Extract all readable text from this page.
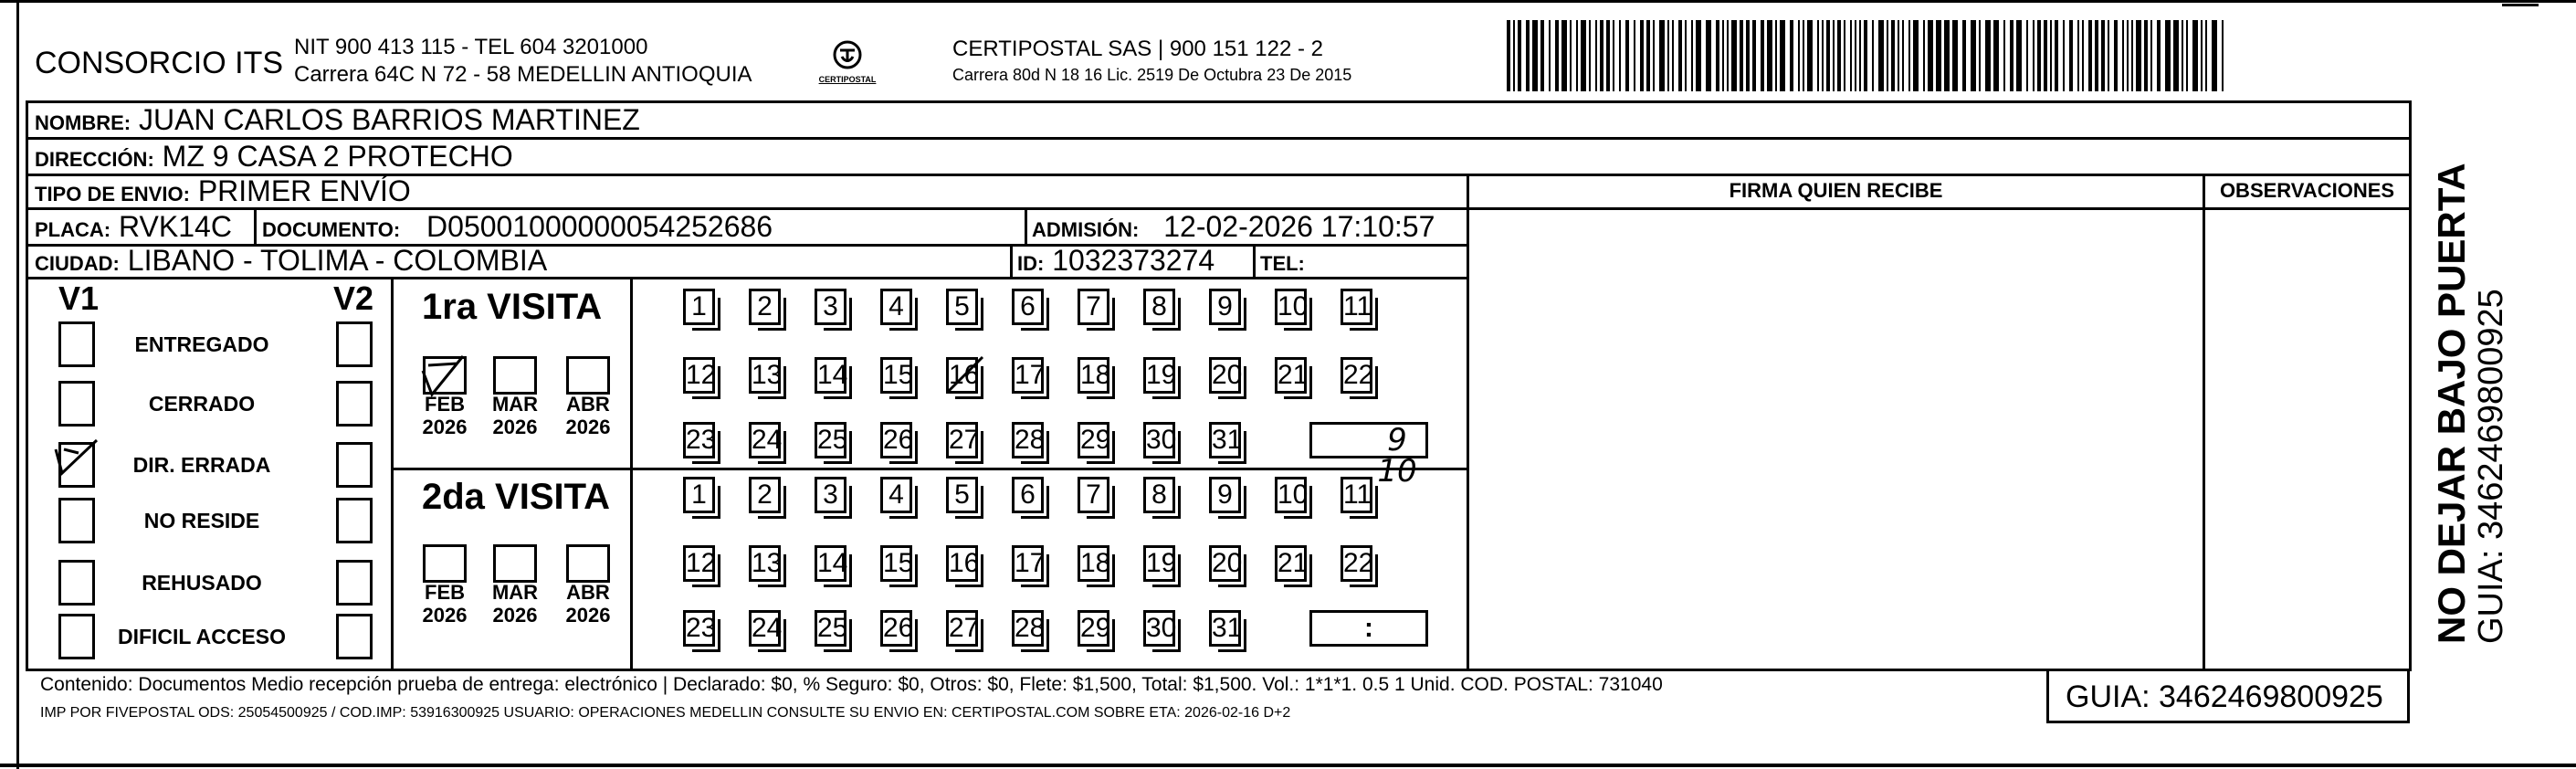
CONSORCIO ITS NIT 900 413 115 - TEL 604 3201000
Carrera 64C N 72 - 58 MEDELLIN ANTIOQUIA	CERTIPOSTAL
CERTIPOSTAL SAS | 900 151 122 - 2
Carrera 80d N 18 16 Lic. 2519 De Octubra 23 De 2015
NOMBRE: JUAN CARLOS BARRIOS MARTINEZ
DIRECCIÓN: MZ 9 CASA 2 PROTECHO
TIPO DE ENVIO: PRIMER ENVÍO	FIRMA QUIEN RECIBE	OBSERVACIONES
PLACA: RVK14C DOCUMENTO: D05001000000054252686	ADMISIÓN: 12-02-2026 17:10:57
CIUDAD: LIBANO - TOLIMA - COLOMBIA	ID: 1032373274 TEL:
V1	V2
ENTREGADO
CERRADO
DIR. ERRADA
NO RESIDE
REHUSADO
DIFICIL ACCESO
1ra VISITA
2da VISITA
FEB
2026
MAR
2026
ABR
2026
1	2	3	4	5	6	7	8	9	10 11
12 13 14 15 16 17 18 19 20 21 22
23 24 25 26 27 28 29 30 31	9 10
FEB
2026
MAR
2026
ABR
2026
1	2	3	4	5	6	7	8	9	10 11
12 13 14 15 16 17 18 19 20 21 22
23 24 25 26 27 28 29 30 31	:	NO DEJAR BAJO PUERTA GUIA: 3462469800925
Contenido: Documentos Medio recepción prueba de entrega: electrónico | Declarado: $0, % Seguro: $0, Otros: $0, Flete: $1,500, Total: $1,500. Vol.: 1*1*1. 0.5 1 Unid. COD. POSTAL: 731040
IMP POR FIVEPOSTAL ODS: 25054500925 / COD.IMP: 53916300925 USUARIO: OPERACIONES MEDELLIN CONSULTE SU ENVIO EN: CERTIPOSTAL.COM SOBRE ETA: 2026-02-16 D+2	GUIA: 3462469800925
